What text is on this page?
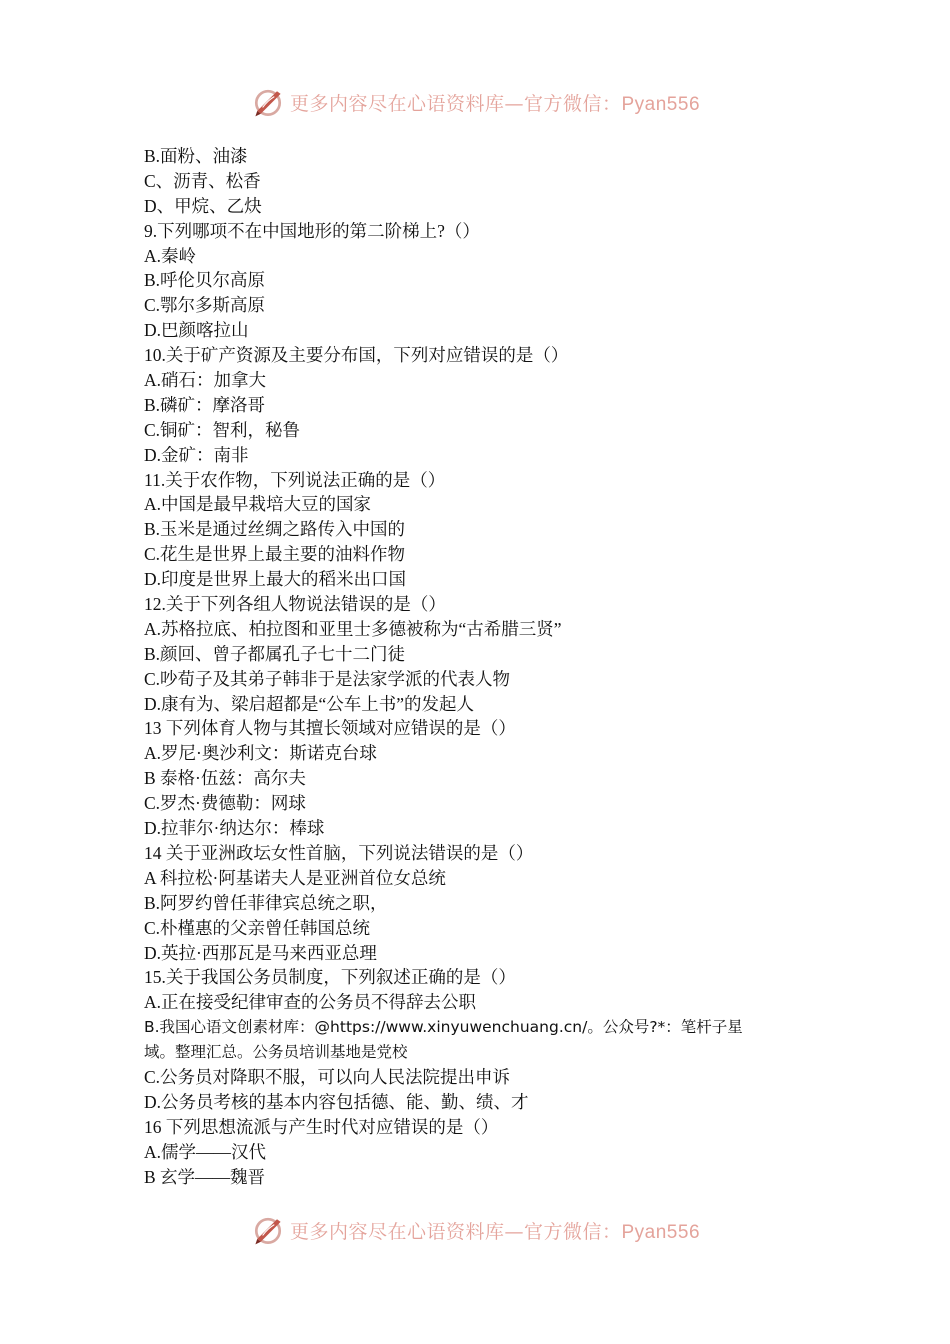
更多内容尽在心语资料库—官方微信：Pyan556
B.面粉、油漆
C、沥青、松香
D、甲烷、乙炔
9.下列哪项不在中国地形的第二阶梯上?（）
A.秦岭
B.呼伦贝尔高原
C.鄂尔多斯高原
D.巴颜喀拉山
10.关于矿产资源及主要分布国，下列对应错误的是（）
A.硝石：加拿大
B.磷矿：摩洛哥
C.铜矿：智利，秘鲁
D.金矿：南非
11.关于农作物，下列说法正确的是（）
A.中国是最早栽培大豆的国家
B.玉米是通过丝绸之路传入中国的
C.花生是世界上最主要的油料作物
D.印度是世界上最大的稻米出口国
12.关于下列各组人物说法错误的是（）
A.苏格拉底、柏拉图和亚里士多德被称为“古希腊三贤”
B.颜回、曾子都属孔子七十二门徒
C.吵荀子及其弟子韩非于是法家学派的代表人物
D.康有为、梁启超都是“公车上书”的发起人
13 下列体育人物与其擅长领域对应错误的是（）
A.罗尼·奥沙利文：斯诺克台球
B 泰格·伍兹：高尔夫
C.罗杰·费德勒：网球
D.拉菲尔·纳达尔：棒球
14 关于亚洲政坛女性首脑，下列说法错误的是（）
A 科拉松·阿基诺夫人是亚洲首位女总统
B.阿罗约曾任菲律宾总统之职，
C.朴槿惠的父亲曾任韩国总统
D.英拉·西那瓦是马来西亚总理
15.关于我国公务员制度，下列叙述正确的是（）
A.正在接受纪律审查的公务员不得辞去公职
B.我国心语文创素材库：@https://www.xinyuwenchuang.cn/。公众号?*：笔杆子星
域。整理汇总。公务员培训基地是党校
C.公务员对降职不服，可以向人民法院提出申诉
D.公务员考核的基本内容包括德、能、勤、绩、才
16 下列思想流派与产生时代对应错误的是（）
A.儒学——汉代
B 玄学——魏晋
更多内容尽在心语资料库—官方微信：Pyan556
